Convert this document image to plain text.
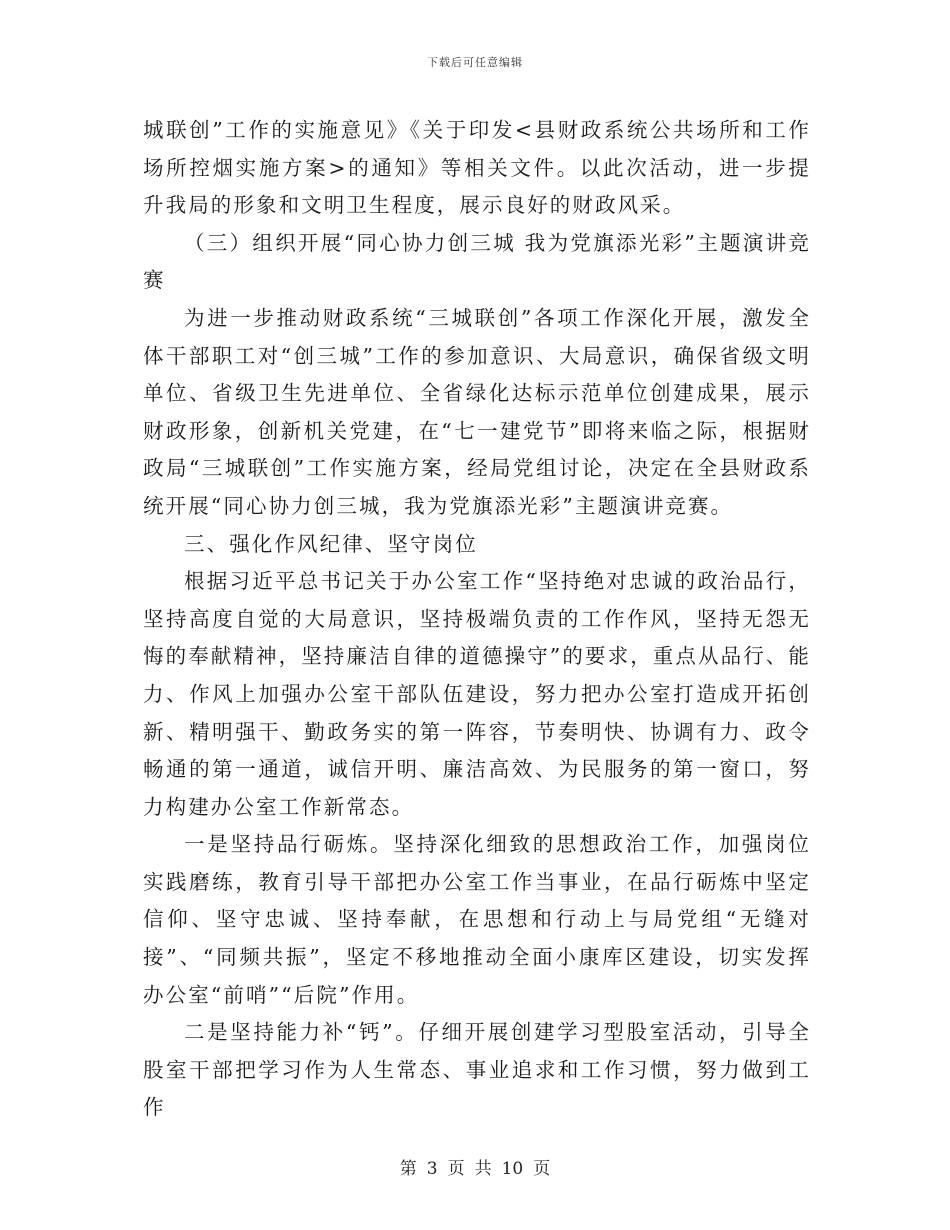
下载后可任意编辑

城联创”工作的实施意见》《关于印发<县财政系统公共场所和工作场所控烟实施方案>的通知》等相关文件。以此次活动，进一步提升我局的形象和文明卫生程度，展示良好的财政风采。

（三）组织开展“同心协力创三城 我为党旗添光彩”主题演讲竞赛

为进一步推动财政系统“三城联创”各项工作深化开展，激发全体干部职工对“创三城”工作的参加意识、大局意识，确保省级文明单位、省级卫生先进单位、全省绿化达标示范单位创建成果，展示财政形象，创新机关党建，在“七一建党节”即将来临之际，根据财政局“三城联创”工作实施方案，经局党组讨论，决定在全县财政系统开展“同心协力创三城，我为党旗添光彩”主题演讲竞赛。

三、强化作风纪律、坚守岗位

根据习近平总书记关于办公室工作“坚持绝对忠诚的政治品行，坚持高度自觉的大局意识，坚持极端负责的工作作风，坚持无怨无悔的奉献精神，坚持廉洁自律的道德操守”的要求，重点从品行、能力、作风上加强办公室干部队伍建设，努力把办公室打造成开拓创新、精明强干、勤政务实的第一阵容，节奏明快、协调有力、政令畅通的第一通道，诚信开明、廉洁高效、为民服务的第一窗口，努力构建办公室工作新常态。

一是坚持品行砺炼。坚持深化细致的思想政治工作，加强岗位实践磨练，教育引导干部把办公室工作当事业，在品行砺炼中坚定信仰、坚守忠诚、坚持奉献，在思想和行动上与局党组“无缝对接”、“同频共振”，坚定不移地推动全面小康库区建设，切实发挥办公室“前哨”“后院”作用。

二是坚持能力补“钙”。仔细开展创建学习型股室活动，引导全股室干部把学习作为人生常态、事业追求和工作习惯，努力做到工作

第 3 页 共 10 页
